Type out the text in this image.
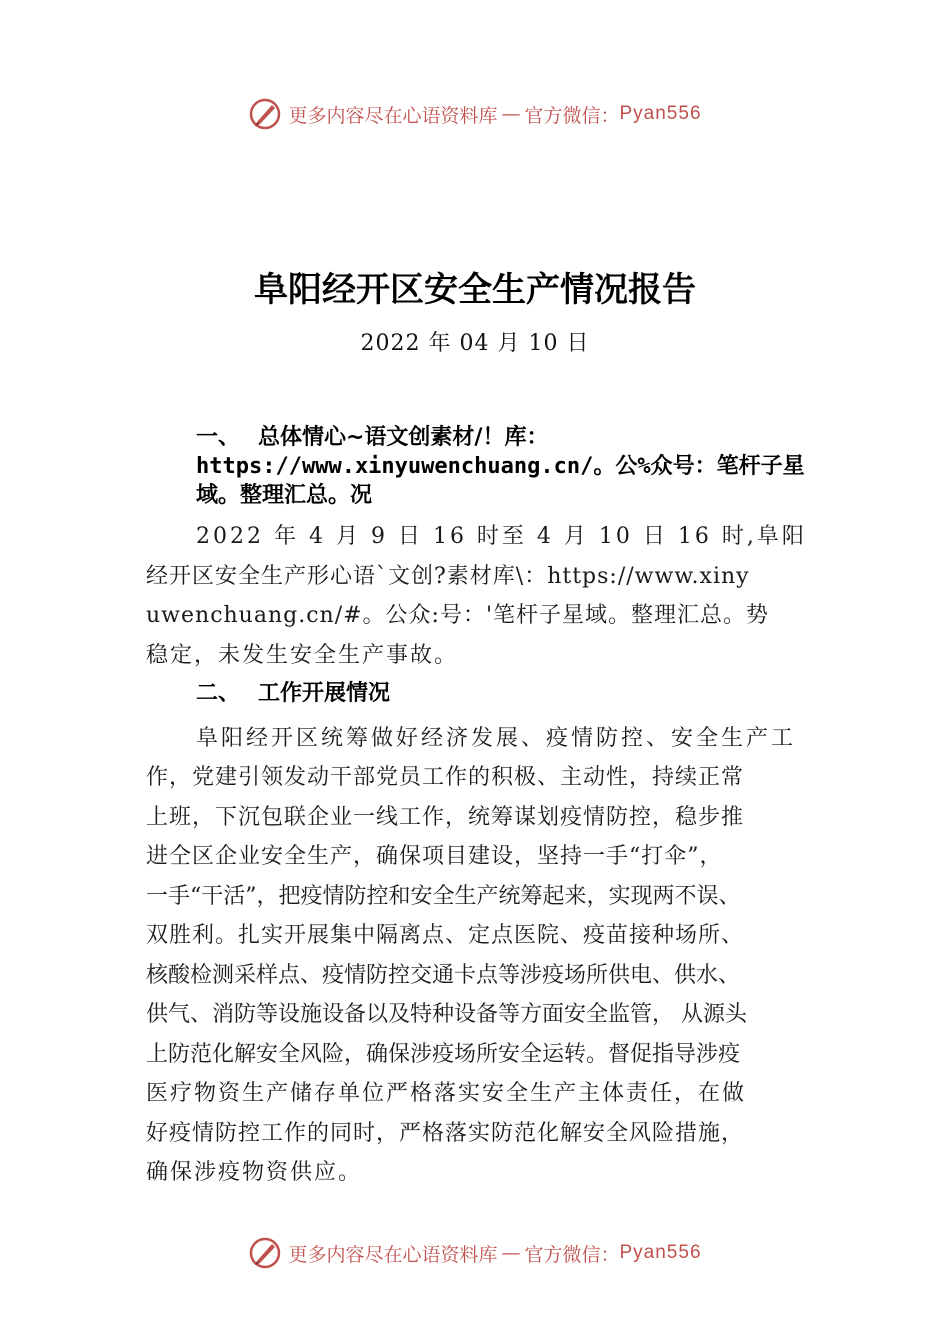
更多内容尽在心语资料库 — 官方微信： Pyan556
阜阳经开区安全生产情况报告
2022 年 04 月 10 日
一、 总体情心~语文创素材/！库：
https://www.xinyuwenchuang.cn/。公%众号：笔杆子星
域。整理汇总。况
2022 年 4 月 9 日 16 时至 4 月 10 日 16 时,阜阳
经开区安全生产形心语`文创?素材库\：https://www.xiny
uwenchuang.cn/#。公众:号：'笔杆子星域。整理汇总。势
稳定，未发生安全生产事故。
二、 工作开展情况
阜阳经开区统筹做好经济发展、疫情防控、安全生产工
作，党建引领发动干部党员工作的积极、主动性，持续正常
上班，下沉包联企业一线工作，统筹谋划疫情防控，稳步推
进仝区企业安全生产，确保项目建设，坚持一手“打伞”，
一手“干活”，把疫情防控和安全生产统筹起来，实现两不误、
双胜利。扎实开展集中隔离点、定点医院、疫苗接种场所、
核酸检测采样点、疫情防控交通卡点等涉疫场所供电、供水、
供气、消防等设施设备以及特种设备等方面安全监管， 从源头
上防范化解安全风险，确保涉疫场所安全运转。督促指导涉疫
医疗物资生产储存单位严格落实安全生产主体责任，在做
好疫情防控工作的同时，严格落实防范化解安全风险措施，
确保涉疫物资供应。
更多内容尽在心语资料库 — 官方微信： Pyan556
